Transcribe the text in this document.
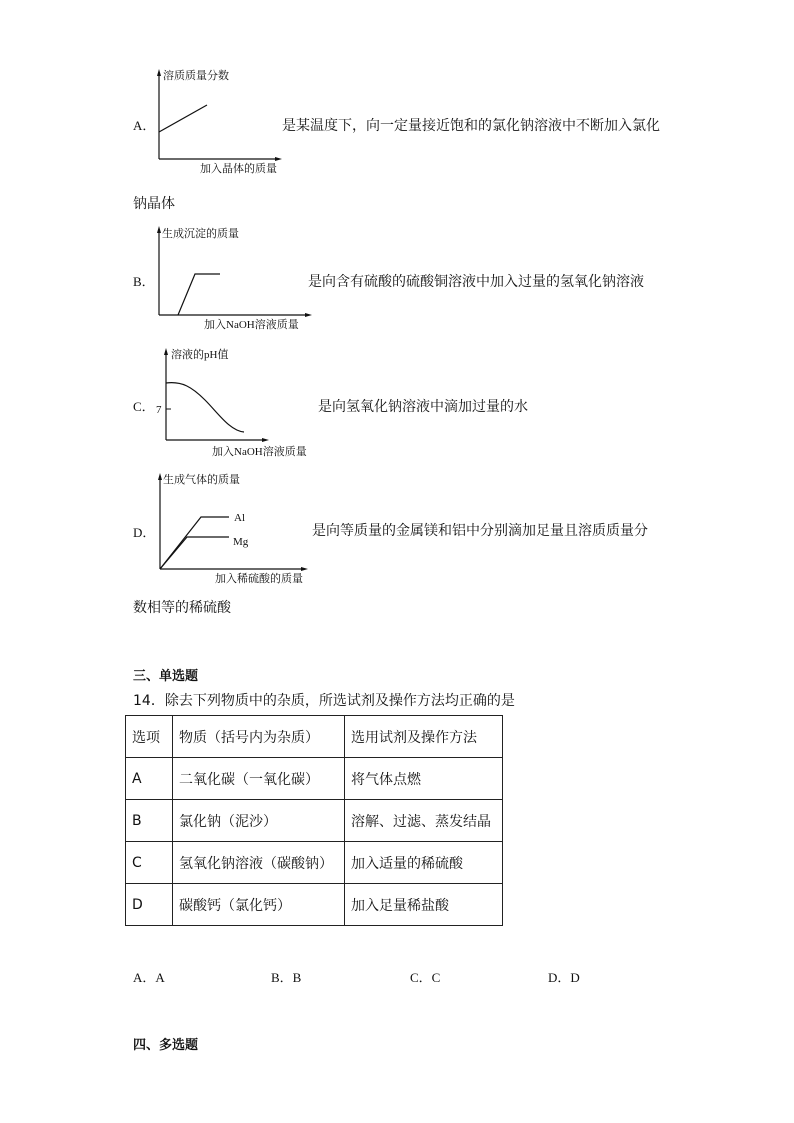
A．
溶质质量分数
加入晶体的质量
是某温度下，向一定量接近饱和的氯化钠溶液中不断加入氯化
钠晶体
B．
生成沉淀的质量
加入NaOH溶液质量
是向含有硫酸的硫酸铜溶液中加入过量的氢氧化钠溶液
C．
溶液的pH值
7
加入NaOH溶液质量
是向氢氧化钠溶液中滴加过量的水
D．
生成气体的质量
Al
Mg
加入稀硫酸的质量
是向等质量的金属镁和铝中分别滴加足量且溶质质量分
数相等的稀硫酸
三、单选题
14．除去下列物质中的杂质，所选试剂及操作方法均正确的是
选项	物质（括号内为杂质）	选用试剂及操作方法
A	二氧化碳（一氧化碳）	将气体点燃
B	氯化钠（泥沙）	溶解、过滤、蒸发结晶
C	氢氧化钠溶液（碳酸钠）	加入适量的稀硫酸
D	碳酸钙（氯化钙）	加入足量稀盐酸
A．A	B．B	C．C	D．D
四、多选题
